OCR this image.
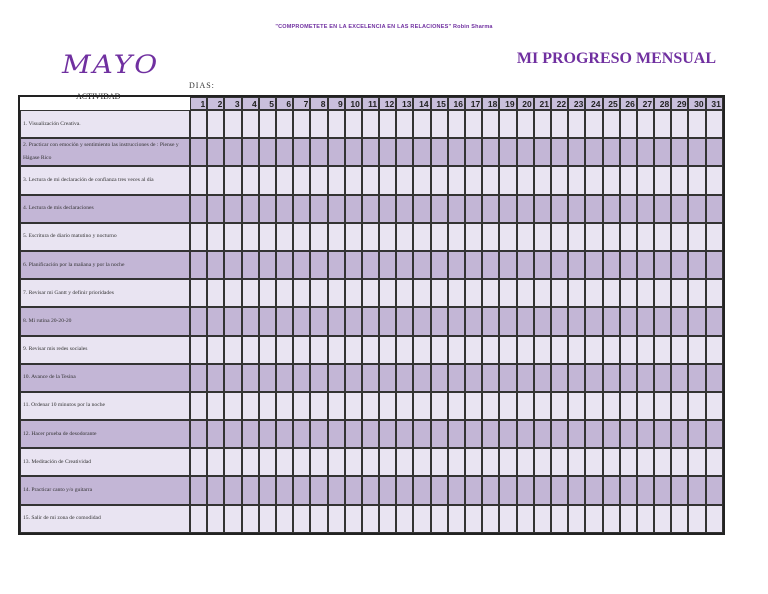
"COMPROMETETE EN LA EXCELENCIA EN LAS RELACIONES" Robin Sharma
MAYO	MI PROGRESO MENSUAL
DIAS:
ACTIVIDAD
	1	2	3	4	5	6	7	8	9	10	11	12	13	14	15	16	17	18	19	20	21	22	23	24	25	26	27	28	29	30	31
1. Visualización Creativa.																															
2. Practicar con emoción y sentimiento las instrucciones de : Piense y Hágase Rico																															
3. Lectura de mi declaración de confianza tres veces al día																															
4. Lectura de mis declaraciones																															
5. Escritura de diario matutino y nocturno																															
6. Planificación por la mañana y por la noche																															
7. Revisar mi Gantt y definir prioridades																															
8. Mi rutina 20-20-20																															
9. Revisar mis redes sociales																															
10. Avance de la Tesina																															
11. Ordenar 10 minutos por la noche																															
12. Hacer prueba de desodorante																															
13. Meditación de Creatividad																															
14. Practicar canto y/o guitarra																															
15. Salir de mi zona de comodidad																															
